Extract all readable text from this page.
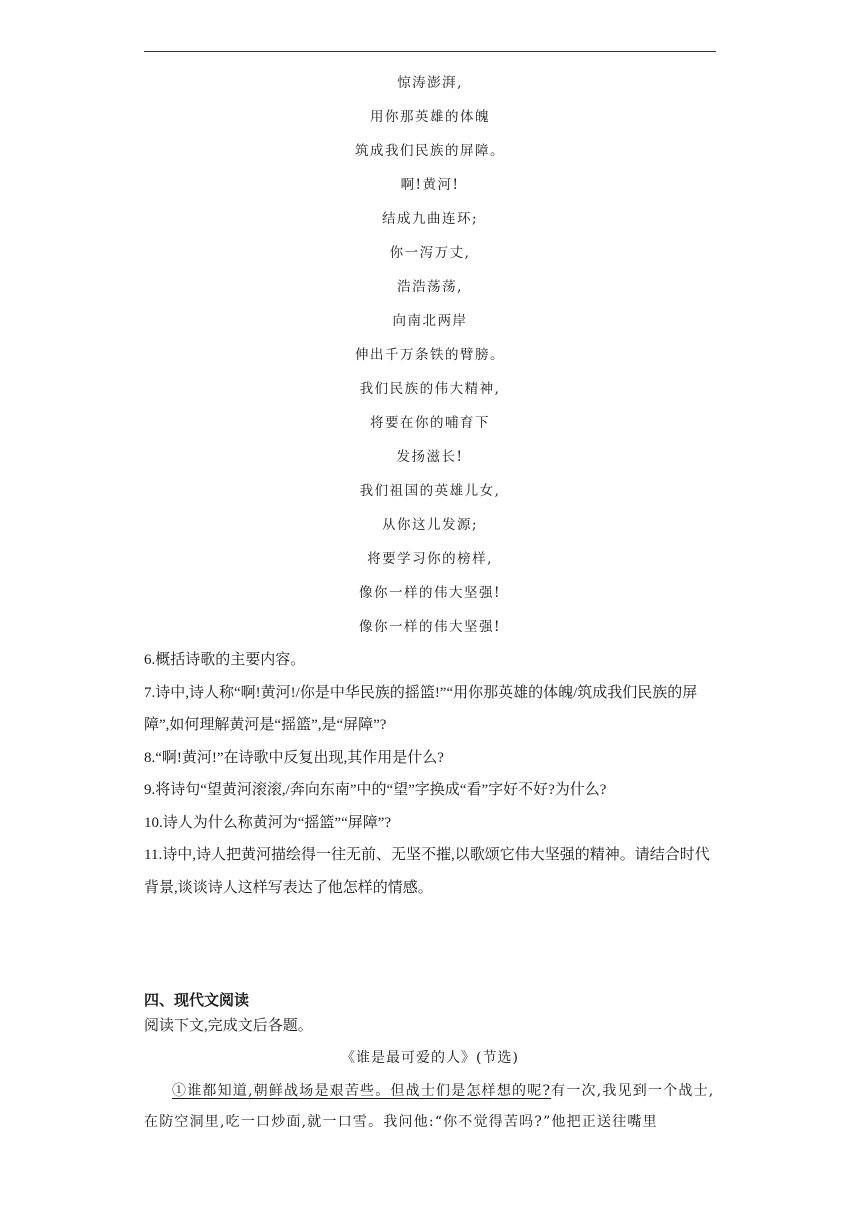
惊涛澎湃,
用你那英雄的体魄
筑成我们民族的屏障。
啊!黄河!
结成九曲连环;
你一泻万丈,
浩浩荡荡,
向南北两岸
伸出千万条铁的臂膀。
我们民族的伟大精神,
将要在你的哺育下
发扬滋长!
我们祖国的英雄儿女,
从你这儿发源;
将要学习你的榜样,
像你一样的伟大坚强!
像你一样的伟大坚强!

6.概括诗歌的主要内容。

7.诗中,诗人称“啊!黄河!/你是中华民族的摇篮!”“用你那英雄的体魄/筑成我们民族的屏障”,如何理解黄河是“摇篮”,是“屏障”?

8.“啊!黄河!”在诗歌中反复出现,其作用是什么?

9.将诗句“望黄河滚滚,/奔向东南”中的“望”字换成“看”字好不好?为什么?

10.诗人为什么称黄河为“摇篮”“屏障”?

11.诗中,诗人把黄河描绘得一往无前、无坚不摧,以歌颂它伟大坚强的精神。请结合时代背景,谈谈诗人这样写表达了他怎样的情感。

四、现代文阅读

阅读下文,完成文后各题。

《谁是最可爱的人》(节选)

①谁都知道,朝鲜战场是艰苦些。但战士们是怎样想的呢?有一次,我见到一个战士,在防空洞里,吃一口炒面,就一口雪。我问他:“你不觉得苦吗?”他把正送往嘴里
